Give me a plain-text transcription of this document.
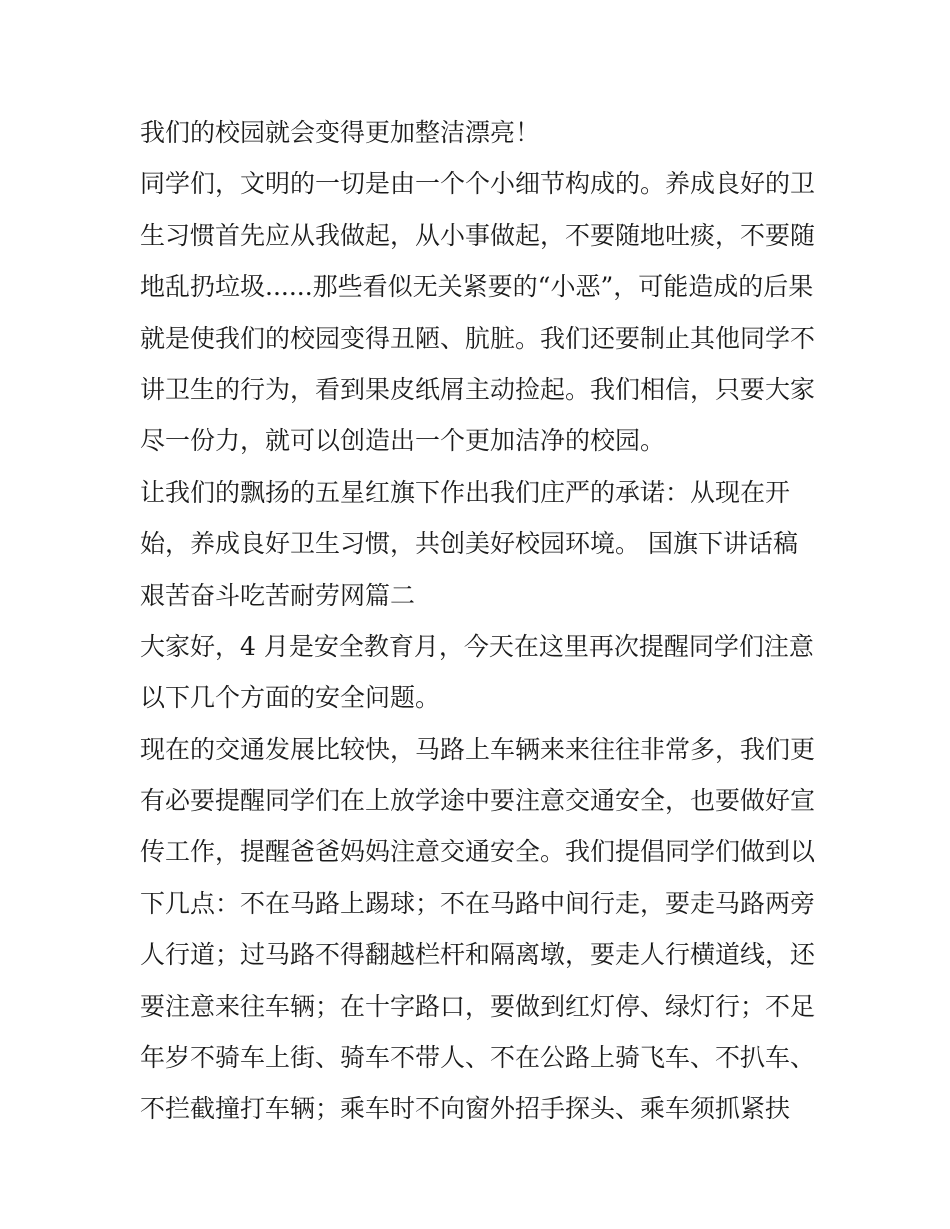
我们的校园就会变得更加整洁漂亮！
同学们，文明的一切是由一个个小细节构成的。养成良好的卫
生习惯首先应从我做起，从小事做起，不要随地吐痰，不要随
地乱扔垃圾......那些看似无关紧要的“小恶”，可能造成的后果
就是使我们的校园变得丑陋、肮脏。我们还要制止其他同学不
讲卫生的行为，看到果皮纸屑主动捡起。我们相信，只要大家
尽一份力，就可以创造出一个更加洁净的校园。
让我们的飘扬的五星红旗下作出我们庄严的承诺：从现在开
始，养成良好卫生习惯，共创美好校园环境。 国旗下讲话稿
艰苦奋斗吃苦耐劳网篇二
大家好，4 月是安全教育月，今天在这里再次提醒同学们注意
以下几个方面的安全问题。
现在的交通发展比较快，马路上车辆来来往往非常多，我们更
有必要提醒同学们在上放学途中要注意交通安全，也要做好宣
传工作，提醒爸爸妈妈注意交通安全。我们提倡同学们做到以
下几点：不在马路上踢球；不在马路中间行走，要走马路两旁
人行道；过马路不得翻越栏杆和隔离墩，要走人行横道线，还
要注意来往车辆；在十字路口，要做到红灯停、绿灯行；不足
年岁不骑车上街、骑车不带人、不在公路上骑飞车、不扒车、
不拦截撞打车辆；乘车时不向窗外招手探头、乘车须抓紧扶
